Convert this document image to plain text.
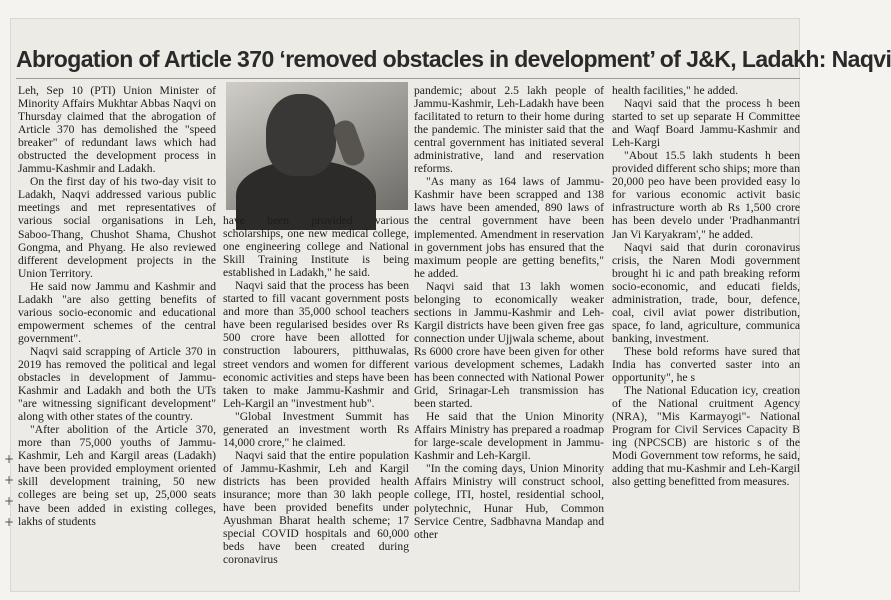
Abrogation of Article 370 ‘removed obstacles in development’ of J&K, Ladakh: Naqvi

Leh, Sep 10 (PTI) Union Minister of Minority Affairs Mukhtar Abbas Naqvi on Thursday claimed that the abrogation of Article 370 has demolished the "speed breaker" of redundant laws which had obstructed the development process in Jammu-Kashmir and Ladakh.

On the first day of his two-day visit to Ladakh, Naqvi addressed various public meetings and met representatives of various social organisations in Leh, Saboo-Thang, Chushot Shama, Chushot Gongma, and Phyang. He also reviewed different development projects in the Union Territory.

He said now Jammu and Kashmir and Ladakh "are also getting benefits of various socio-economic and educational empowerment schemes of the central government".

Naqvi said scrapping of Article 370 in 2019 has removed the political and legal obstacles in development of Jammu-Kashmir and Ladakh and both the UTs "are witnessing significant development" along with other states of the country.

"After abolition of the Article 370, more than 75,000 youths of Jammu-Kashmir, Leh and Kargil areas (Ladakh) have been provided employment oriented skill development training, 50 new colleges are being set up, 25,000 seats have been added in existing colleges, lakhs of students

have been provided various scholarships, one new medical college, one engineering college and National Skill Training Institute is being established in Ladakh," he said.

Naqvi said that the process has been started to fill vacant government posts and more than 35,000 school teachers have been regularised besides over Rs 500 crore have been allotted for construction labourers, pitthuwalas, street vendors and women for different economic activities and steps have been taken to make Jammu-Kashmir and Leh-Kargil an "investment hub".

"Global Investment Summit has generated an investment worth Rs 14,000 crore," he claimed.

Naqvi said that the entire population of Jammu-Kashmir, Leh and Kargil districts has been provided health insurance; more than 30 lakh people have been provided benefits under Ayushman Bharat health scheme; 17 special COVID hospitals and 60,000 beds have been created during coronavirus

pandemic; about 2.5 lakh people of Jammu-Kashmir, Leh-Ladakh have been facilitated to return to their home during the pandemic. The minister said that the central government has initiated several administrative, land and reservation reforms.

"As many as 164 laws of Jammu-Kashmir have been scrapped and 138 laws have been amended, 890 laws of the central government have been implemented. Amendment in reservation in government jobs has ensured that the maximum people are getting benefits," he added.

Naqvi said that 13 lakh women belonging to economically weaker sections in Jammu-Kashmir and Leh-Kargil districts have been given free gas connection under Ujjwala scheme, about Rs 6000 crore have been given for other various development schemes, Ladakh has been connected with National Power Grid, Srinagar-Leh transmission has been started.

He said that the Union Minority Affairs Ministry has prepared a roadmap for large-scale development in Jammu-Kashmir and Leh-Kargil.

"In the coming days, Union Minority Affairs Ministry will construct school, college, ITI, hostel, residential school, polytechnic, Hunar Hub, Common Service Centre, Sadbhavna Mandap and other

health facilities," he added.

Naqvi said that the process h been started to set up separate H Committee and Waqf Board Jammu-Kashmir and Leh-Kargi

"About 15.5 lakh students h been provided different scho ships; more than 20,000 peo have been provided easy lo for various economic activit basic infrastructure worth ab Rs 1,500 crore has been develo under 'Pradhanmantri Jan Vi Karyakram'," he added.

Naqvi said that durin coronavirus crisis, the Naren Modi government brought hi ic and path breaking reform socio-economic, and educati fields, administration, trade, bour, defence, coal, civil aviat power distribution, space, fo land, agriculture, communica banking, investment.

These bold reforms have sured that India has converted saster into an opportunity", he s

The National Education icy, creation of the National cruitment Agency (NRA), "Mis Karmayogi"- National Program for Civil Services Capacity B ing (NPCSCB) are historic s of the Modi Government tow reforms, he said, adding that mu-Kashmir and Leh-Kargil also getting benefitted from measures.

+
+
+
+
